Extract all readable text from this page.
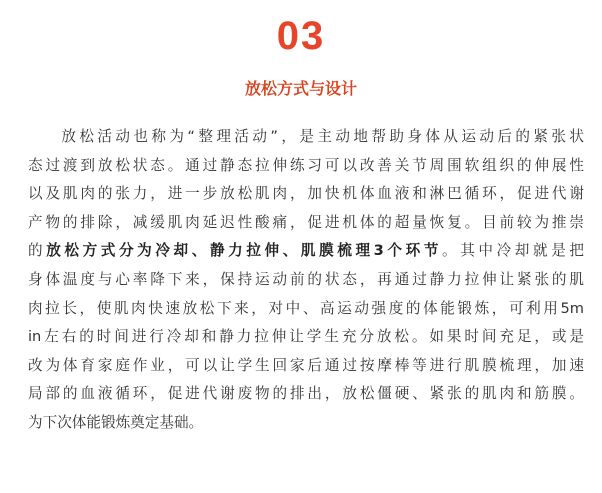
03
放松方式与设计
放松活动也称为“整理活动”，是主动地帮助身体从运动后的紧张状
态过渡到放松状态。通过静态拉伸练习可以改善关节周围软组织的伸展性
以及肌肉的张力，进一步放松肌肉，加快机体血液和淋巴循环，促进代谢
产物的排除，减缓肌肉延迟性酸痛，促进机体的超量恢复。目前较为推崇
的放松方式分为冷却、静力拉伸、肌膜梳理3个环节。其中冷却就是把
身体温度与心率降下来，保持运动前的状态，再通过静力拉伸让紧张的肌
肉拉长，使肌肉快速放松下来，对中、高运动强度的体能锻炼，可利用5m
in左右的时间进行冷却和静力拉伸让学生充分放松。如果时间充足，或是
改为体育家庭作业，可以让学生回家后通过按摩棒等进行肌膜梳理，加速
局部的血液循环，促进代谢废物的排出，放松僵硬、紧张的肌肉和筋膜。
为下次体能锻炼奠定基础。
